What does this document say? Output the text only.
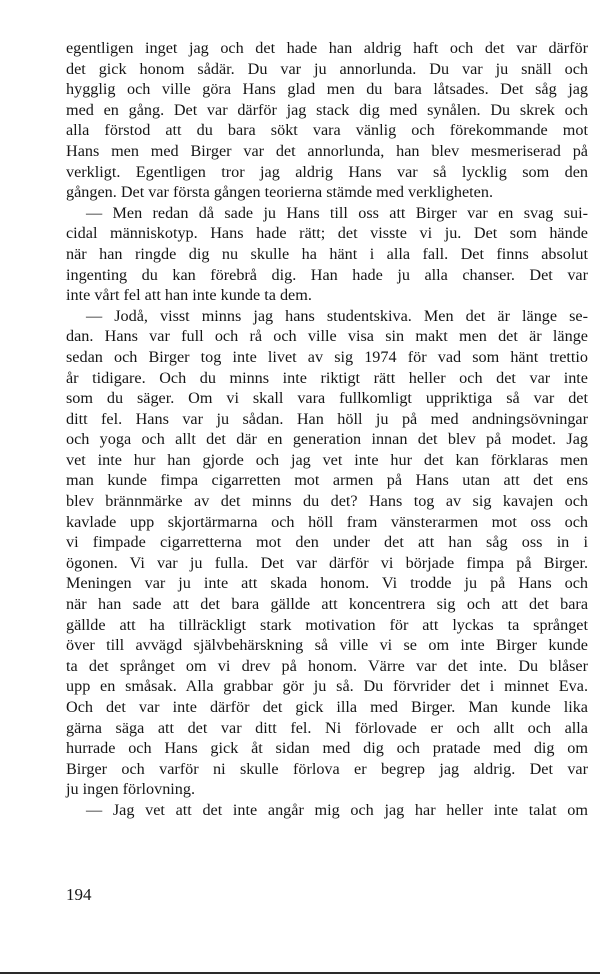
egentligen inget jag och det hade han aldrig haft och det var därför
det gick honom sådär. Du var ju annorlunda. Du var ju snäll och
hygglig och ville göra Hans glad men du bara låtsades. Det såg jag
med en gång. Det var därför jag stack dig med synålen. Du skrek och
alla förstod att du bara sökt vara vänlig och förekommande mot
Hans men med Birger var det annorlunda, han blev mesmeriserad på
verkligt. Egentligen tror jag aldrig Hans var så lycklig som den
gången. Det var första gången teorierna stämde med verkligheten.
— Men redan då sade ju Hans till oss att Birger var en svag sui-
cidal människotyp. Hans hade rätt; det visste vi ju. Det som hände
när han ringde dig nu skulle ha hänt i alla fall. Det finns absolut
ingenting du kan förebrå dig. Han hade ju alla chanser. Det var
inte vårt fel att han inte kunde ta dem.
— Jodå, visst minns jag hans studentskiva. Men det är länge se-
dan. Hans var full och rå och ville visa sin makt men det är länge
sedan och Birger tog inte livet av sig 1974 för vad som hänt trettio
år tidigare. Och du minns inte riktigt rätt heller och det var inte
som du säger. Om vi skall vara fullkomligt uppriktiga så var det
ditt fel. Hans var ju sådan. Han höll ju på med andningsövningar
och yoga och allt det där en generation innan det blev på modet. Jag
vet inte hur han gjorde och jag vet inte hur det kan förklaras men
man kunde fimpa cigarretten mot armen på Hans utan att det ens
blev brännmärke av det minns du det? Hans tog av sig kavajen och
kavlade upp skjortärmarna och höll fram vänsterarmen mot oss och
vi fimpade cigarretterna mot den under det att han såg oss in i
ögonen. Vi var ju fulla. Det var därför vi började fimpa på Birger.
Meningen var ju inte att skada honom. Vi trodde ju på Hans och
när han sade att det bara gällde att koncentrera sig och att det bara
gällde att ha tillräckligt stark motivation för att lyckas ta språnget
över till avvägd självbehärskning så ville vi se om inte Birger kunde
ta det språnget om vi drev på honom. Värre var det inte. Du blåser
upp en småsak. Alla grabbar gör ju så. Du förvrider det i minnet Eva.
Och det var inte därför det gick illa med Birger. Man kunde lika
gärna säga att det var ditt fel. Ni förlovade er och allt och alla
hurrade och Hans gick åt sidan med dig och pratade med dig om
Birger och varför ni skulle förlova er begrep jag aldrig. Det var
ju ingen förlovning.
— Jag vet att det inte angår mig och jag har heller inte talat om
194
